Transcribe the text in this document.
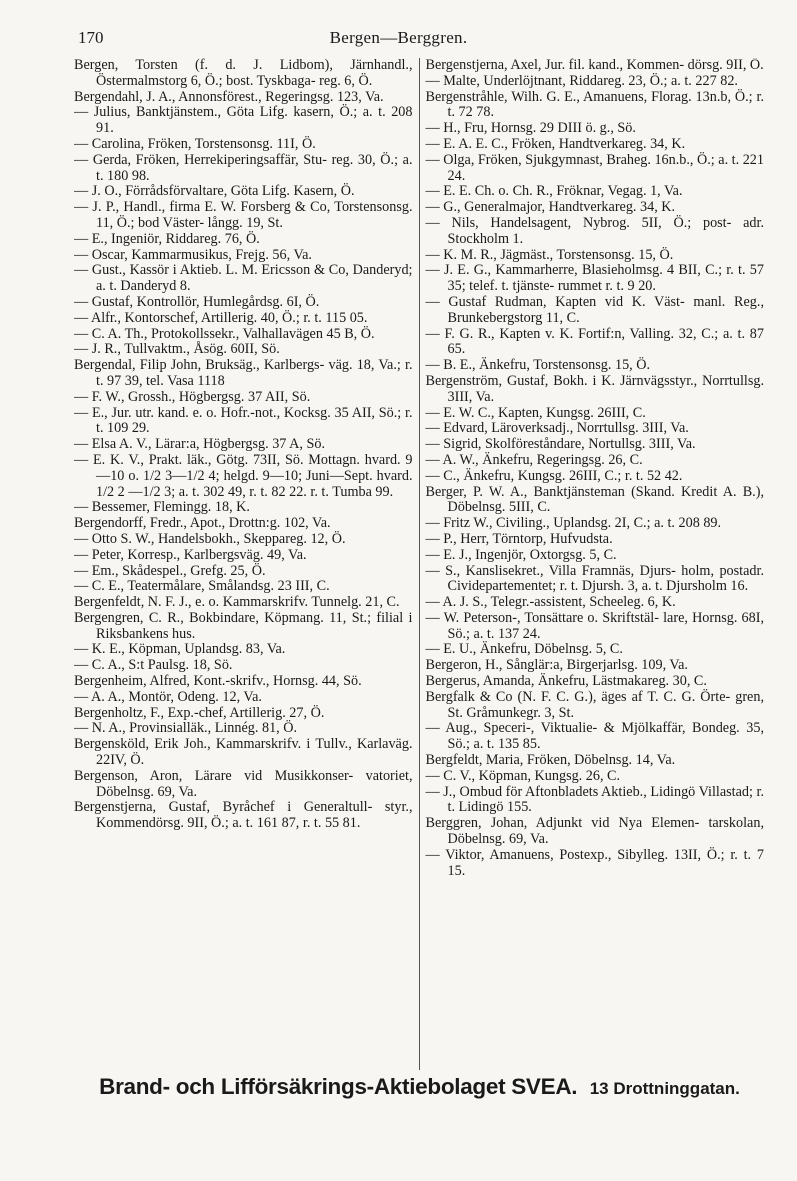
170	Bergen—Berggren.

Bergen, Torsten (f. d. J. Lidbom), Järnhandl., Östermalmstorg 6, Ö.; bost. Tyskbaga- reg. 6, Ö.

Bergendahl, J. A., Annonsförest., Regeringsg. 123, Va.

— Julius, Banktjänstem., Göta Lifg. kasern, Ö.; a. t. 208 91.

— Carolina, Fröken, Torstensonsg. 11I, Ö.

— Gerda, Fröken, Herrekiperingsaffär, Stu- reg. 30, Ö.; a. t. 180 98.

— J. O., Förrådsförvaltare, Göta Lifg. Kasern, Ö.

— J. P., Handl., firma E. W. Forsberg & Co, Torstensonsg. 11, Ö.; bod Väster- långg. 19, St.

— E., Ingeniör, Riddareg. 76, Ö.

— Oscar, Kammarmusikus, Frejg. 56, Va.

— Gust., Kassör i Aktieb. L. M. Ericsson & Co, Danderyd; a. t. Danderyd 8.

— Gustaf, Kontrollör, Humlegårdsg. 6I, Ö.

— Alfr., Kontorschef, Artillerig. 40, Ö.; r. t. 115 05.

— C. A. Th., Protokollssekr., Valhallavägen 45 B, Ö.

— J. R., Tullvaktm., Åsög. 60II, Sö.

Bergendal, Filip John, Bruksäg., Karlbergs- väg. 18, Va.; r. t. 97 39, tel. Vasa 1118

— F. W., Grossh., Högbergsg. 37 AII, Sö.

— E., Jur. utr. kand. e. o. Hofr.-not., Kocksg. 35 AII, Sö.; r. t. 109 29.

— Elsa A. V., Lärar:a, Högbergsg. 37 A, Sö.

— E. K. V., Prakt. läk., Götg. 73II, Sö. Mottagn. hvard. 9—10 o. 1/2 3—1/2 4; helgd. 9—10; Juni—Sept. hvard. 1/2 2 —1/2 3; a. t. 302 49, r. t. 82 22. r. t. Tumba 99.

— Bessemer, Flemingg. 18, K.

Bergendorff, Fredr., Apot., Drottn:g. 102, Va.

— Otto S. W., Handelsbokh., Skeppareg. 12, Ö.

— Peter, Korresp., Karlbergsväg. 49, Va.

— Em., Skådespel., Grefg. 25, Ö.

— C. E., Teatermålare, Smålandsg. 23 III, C.

Bergenfeldt, N. F. J., e. o. Kammarskrifv. Tunnelg. 21, C.

Bergengren, C. R., Bokbindare, Köpmang. 11, St.; filial i Riksbankens hus.

— K. E., Köpman, Uplandsg. 83, Va.

— C. A., S:t Paulsg. 18, Sö.

Bergenheim, Alfred, Kont.-skrifv., Hornsg. 44, Sö.

— A. A., Montör, Odeng. 12, Va.

Bergenholtz, F., Exp.-chef, Artillerig. 27, Ö.

— N. A., Provinsialläk., Linnég. 81, Ö.

Bergensköld, Erik Joh., Kammarskrifv. i Tullv., Karlaväg. 22IV, Ö.

Bergenson, Aron, Lärare vid Musikkonser- vatoriet, Döbelnsg. 69, Va.

Bergenstjerna, Gustaf, Byråchef i Generaltull- styr., Kommendörsg. 9II, Ö.; a. t. 161 87, r. t. 55 81.

Bergenstjerna, Axel, Jur. fil. kand., Kommen- dörsg. 9II, Ö.

— Malte, Underlöjtnant, Riddareg. 23, Ö.; a. t. 227 82.

Bergenstråhle, Wilh. G. E., Amanuens, Florag. 13n.b, Ö.; r. t. 72 78.

— H., Fru, Hornsg. 29 DIII ö. g., Sö.

— E. A. E. C., Fröken, Handtverkareg. 34, K.

— Olga, Fröken, Sjukgymnast, Braheg. 16n.b., Ö.; a. t. 221 24.

— E. E. Ch. o. Ch. R., Fröknar, Vegag. 1, Va.

— G., Generalmajor, Handtverkareg. 34, K.

— Nils, Handelsagent, Nybrog. 5II, Ö.; post- adr. Stockholm 1.

— K. M. R., Jägmäst., Torstensonsg. 15, Ö.

— J. E. G., Kammarherre, Blasieholmsg. 4 BII, C.; r. t. 57 35; telef. t. tjänste- rummet r. t. 9 20.

— Gustaf Rudman, Kapten vid K. Väst- manl. Reg., Brunkebergstorg 11, C.

— F. G. R., Kapten v. K. Fortif:n, Valling. 32, C.; a. t. 87 65.

— B. E., Änkefru, Torstensonsg. 15, Ö.

Bergenström, Gustaf, Bokh. i K. Järnvägsstyr., Norrtullsg. 3III, Va.

— E. W. C., Kapten, Kungsg. 26III, C.

— Edvard, Läroverksadj., Norrtullsg. 3III, Va.

— Sigrid, Skolföreståndare, Nortullsg. 3III, Va.

— A. W., Änkefru, Regeringsg. 26, C.

— C., Änkefru, Kungsg. 26III, C.; r. t. 52 42.

Berger, P. W. A., Banktjänsteman (Skand. Kredit A. B.), Döbelnsg. 5III, C.

— Fritz W., Civiling., Uplandsg. 2I, C.; a. t. 208 89.

— P., Herr, Törntorp, Hufvudsta.

— E. J., Ingenjör, Oxtorgsg. 5, C.

— S., Kanslisekret., Villa Framnäs, Djurs- holm, postadr. Cividepartementet; r. t. Djursh. 3, a. t. Djursholm 16.

— A. J. S., Telegr.-assistent, Scheeleg. 6, K.

— W. Peterson-, Tonsättare o. Skriftstäl- lare, Hornsg. 68I, Sö.; a. t. 137 24.

— E. U., Änkefru, Döbelnsg. 5, C.

Bergeron, H., Sånglär:a, Birgerjarlsg. 109, Va.

Bergerus, Amanda, Änkefru, Lästmakareg. 30, C.

Bergfalk & Co (N. F. C. G.), äges af T. C. G. Örte- gren, St. Gråmunkegr. 3, St.

— Aug., Speceri-, Viktualie- & Mjölkaffär, Bondeg. 35, Sö.; a. t. 135 85.

Bergfeldt, Maria, Fröken, Döbelnsg. 14, Va.

— C. V., Köpman, Kungsg. 26, C.

— J., Ombud för Aftonbladets Aktieb., Lidingö Villastad; r. t. Lidingö 155.

Berggren, Johan, Adjunkt vid Nya Elemen- tarskolan, Döbelnsg. 69, Va.

— Viktor, Amanuens, Postexp., Sibylleg. 13II, Ö.; r. t. 7 15.

Brand- och Lifförsäkrings-Aktiebolaget SVEA. 13 Drottninggatan.
